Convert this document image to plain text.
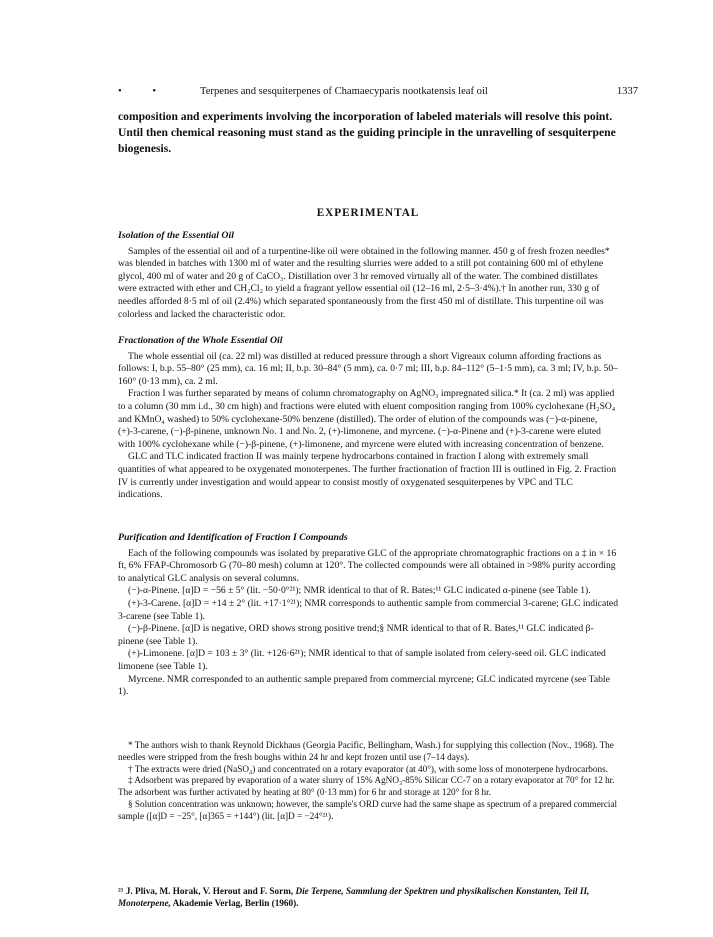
• •	Terpenes and sesquiterpenes of Chamaecyparis nootkatensis leaf oil	1337
composition and experiments involving the incorporation of labeled materials will resolve this point. Until then chemical reasoning must stand as the guiding principle in the unravelling of sesquiterpene biogenesis.
EXPERIMENTAL
Isolation of the Essential Oil

Samples of the essential oil and of a turpentine-like oil were obtained in the following manner. 450 g of fresh frozen needles* was blended in batches with 1300 ml of water and the resulting slurries were added to a still pot containing 600 ml of ethylene glycol, 400 ml of water and 20 g of CaCO₃. Distillation over 3 hr removed virtually all of the water. The combined distillates were extracted with ether and CH₂Cl₂ to yield a fragrant yellow essential oil (12–16 ml, 2·5–3·4%).† In another run, 330 g of needles afforded 8·5 ml of oil (2.4%) which separated spontaneously from the first 450 ml of distillate. This turpentine oil was colorless and lacked the characteristic odor.

Fractionation of the Whole Essential Oil

The whole essential oil (ca. 22 ml) was distilled at reduced pressure through a short Vigreaux column affording fractions as follows: I, b.p. 55–80° (25 mm), ca. 16 ml; II, b.p. 30–84° (5 mm), ca. 0·7 ml; III, b.p. 84–112° (5–1·5 mm), ca. 3 ml; IV, b.p. 50–160° (0·13 mm), ca. 2 ml.

Fraction I was further separated by means of column chromatography on AgNO₃ impregnated silica.* It (ca. 2 ml) was applied to a column (30 mm i.d., 30 cm high) and fractions were eluted with eluent composition ranging from 100% cyclohexane (H₂SO₄ and KMnO₄ washed) to 50% cyclohexane-50% benzene (distilled). The order of elution of the compounds was (−)-α-pinene, (+)-3-carene, (−)-β-pinene, unknown No. 1 and No. 2, (+)-limonene, and myrcene. (−)-α-Pinene and (+)-3-carene were eluted with 100% cyclohexane while (−)-β-pinene, (+)-limonene, and myrcene were eluted with increasing concentration of benzene.

GLC and TLC indicated fraction II was mainly terpene hydrocarbons contained in fraction I along with extremely small quantities of what appeared to be oxygenated monoterpenes. The further fractionation of fraction III is outlined in Fig. 2. Fraction IV is currently under investigation and would appear to consist mostly of oxygenated sesquiterpenes by VPC and TLC indications.

Purification and Identification of Fraction I Compounds

Each of the following compounds was isolated by preparative GLC of the appropriate chromatographic fractions on a ‡ in × 16 ft, 6% FFAP-Chromosorb G (70–80 mesh) column at 120°. The collected compounds were all obtained in >98% purity according to analytical GLC analysis on several columns.

(−)-α-Pinene. [α]D = −56 ± 5° (lit. −50·0°²¹); NMR identical to that of R. Bates;¹¹ GLC indicated α-pinene (see Table 1).

(+)-3-Carene. [α]D = +14 ± 2° (lit. +17·1°²¹); NMR corresponds to authentic sample from commercial 3-carene; GLC indicated 3-carene (see Table 1).

(−)-β-Pinene. [α]D is negative, ORD shows strong positive trend;§ NMR identical to that of R. Bates,¹¹ GLC indicated β-pinene (see Table 1).

(+)-Limonene. [α]D = 103 ± 3° (lit. +126·6²¹); NMR identical to that of sample isolated from celery-seed oil. GLC indicated limonene (see Table 1).

Myrcene. NMR corresponded to an authentic sample prepared from commercial myrcene; GLC indicated myrcene (see Table 1).

* The authors wish to thank Reynold Dickhaus (Georgia Pacific, Bellingham, Wash.) for supplying this collection (Nov., 1968). The needles were stripped from the fresh boughs within 24 hr and kept frozen until use (7–14 days).

† The extracts were dried (NaSO₄) and concentrated on a rotary evaporator (at 40°), with some loss of monoterpene hydrocarbons.

‡ Adsorbent was prepared by evaporation of a water slurry of 15% AgNO₃-85% Silicar CC-7 on a rotary evaporator at 70° for 12 hr. The adsorbent was further activated by heating at 80° (0·13 mm) for 6 hr and storage at 120° for 8 hr.

§ Solution concentration was unknown; however, the sample's ORD curve had the same shape as spectrum of a prepared commercial sample ([α]D = −25°, [α]365 = +144°) (lit. [α]D = −24°²¹).

²¹ J. Pliva, M. Horak, V. Herout and F. Sorm, Die Terpene, Sammlung der Spektren und physikalischen Konstanten, Teil II, Monoterpene, Akademie Verlag, Berlin (1960).
